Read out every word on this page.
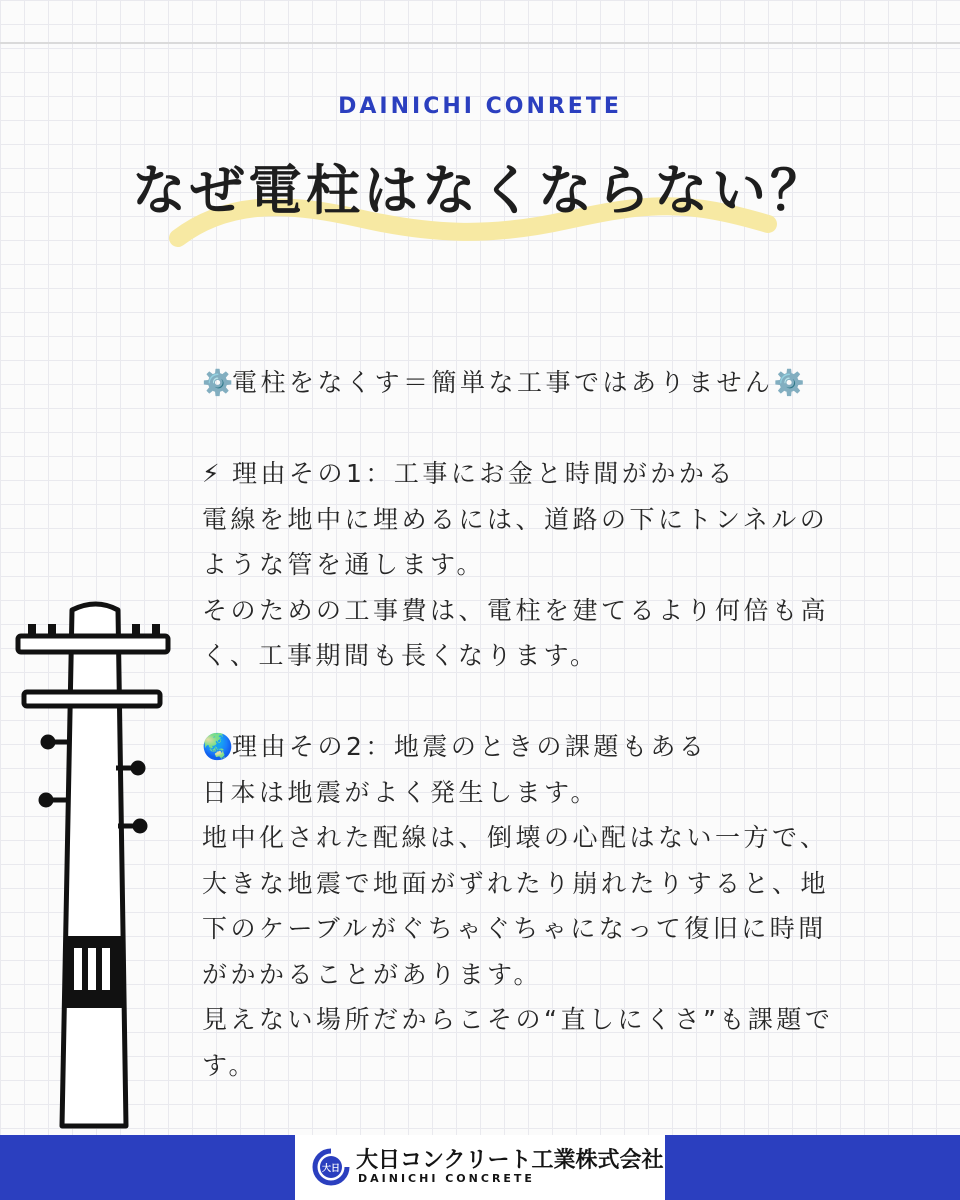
DAINICHI CONRETE
なぜ電柱はなくならない？

⚙️電柱をなくす＝簡単な工事ではありません⚙️

⚡ 理由その1：工事にお金と時間がかかる

電線を地中に埋めるには、道路の下にトンネルの

ような管を通します。

そのための工事費は、電柱を建てるより何倍も高

く、工事期間も長くなります。

🌏理由その2：地震のときの課題もある

日本は地震がよく発生します。

地中化された配線は、倒壊の心配はない一方で、

大きな地震で地面がずれたり崩れたりすると、地

下のケーブルがぐちゃぐちゃになって復旧に時間

がかかることがあります。

見えない場所だからこその“直しにくさ”も課題で

す。

大日 大日コンクリート工業株式会社
DAINICHI CONCRETE
